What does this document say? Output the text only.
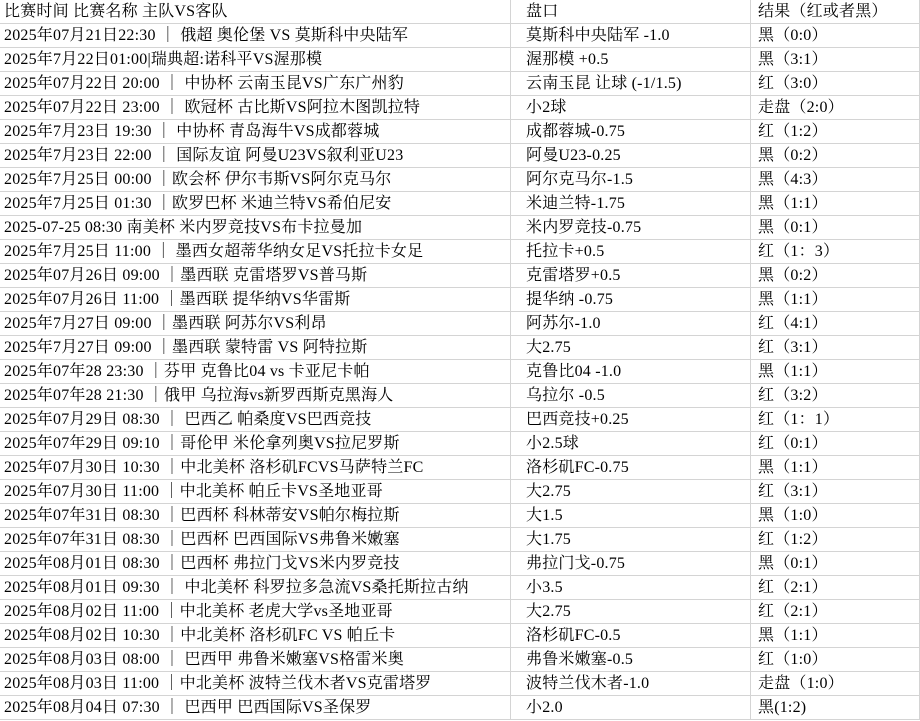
比赛时间 比赛名称 主队VS客队	盘口	结果（红或者黑）
2025年07月21日22:30 ｜ 俄超 奥伦堡 VS 莫斯科中央陆军	莫斯科中央陆军 -1.0	黑（0:0）
2025年7月22日01:00|瑞典超:诺科平VS渥那模	渥那模 +0.5	黑（3:1）
2025年07月22日 20:00 ｜ 中协杯 云南玉昆VS广东广州豹	云南玉昆 让球 (-1/1.5)	红（3:0）
2025年07月22日 23:00 ｜ 欧冠杯 古比斯VS阿拉木图凯拉特	小2球	走盘（2:0）
2025年7月23日 19:30 ｜ 中协杯 青岛海牛VS成都蓉城	成都蓉城-0.75	红（1:2）
2025年7月23日 22:00 ｜ 国际友谊 阿曼U23VS叙利亚U23	阿曼U23-0.25	黑（0:2）
2025年7月25日 00:00 ｜欧会杯 伊尔韦斯VS阿尔克马尔	阿尔克马尔-1.5	黑（4:3）
2025年7月25日 01:30 ｜欧罗巴杯 米迪兰特VS希伯尼安	米迪兰特-1.75	黑（1:1）
2025-07-25 08:30 南美杯 米内罗竞技VS布卡拉曼加	米内罗竞技-0.75	黑（0:1）
2025年7月25日 11:00 ｜ 墨西女超蒂华纳女足VS托拉卡女足	托拉卡+0.5	红（1：3）
2025年07月26日 09:00 ｜墨西联 克雷塔罗VS普马斯	克雷塔罗+0.5	黑（0:2）
2025年07月26日 11:00 ｜墨西联 提华纳VS华雷斯	提华纳 -0.75	黑（1:1）
2025年7月27日 09:00 ｜墨西联 阿苏尔VS利昂	阿苏尔-1.0	红（4:1）
2025年7月27日 09:00 ｜墨西联 蒙特雷 VS 阿特拉斯	大2.75	红（3:1）
2025年07年28 23:30 ｜芬甲 克鲁比04 vs 卡亚尼卡帕	克鲁比04 -1.0	黑（1:1）
2025年07年28 21:30 ｜俄甲 乌拉海vs新罗西斯克黑海人	乌拉尔 -0.5	红（3:2）
2025年07月29日 08:30 ｜ 巴西乙 帕桑度VS巴西竞技	巴西竞技+0.25	红（1：1）
2025年07年29日 09:10 ｜哥伦甲 米伦拿列奥VS拉尼罗斯	小2.5球	红（0:1）
2025年07月30日 10:30 ｜中北美杯 洛杉矶FCVS马萨特兰FC	洛杉矶FC-0.75	黑（1:1）
2025年07月30日 11:00 ｜中北美杯 帕丘卡VS圣地亚哥	大2.75	红（3:1）
2025年07年31日 08:30 ｜巴西杯 科林蒂安VS帕尔梅拉斯	大1.5	黑（1:0）
2025年07年31日 08:30 ｜巴西杯 巴西国际VS弗鲁米嫩塞	大1.75	红（1:2）
2025年08月01日 08:30 ｜巴西杯 弗拉门戈VS米内罗竞技	弗拉门戈-0.75	黑（0:1）
2025年08月01日 09:30 ｜ 中北美杯 科罗拉多急流VS桑托斯拉古纳	小3.5	红（2:1）
2025年08月02日 11:00 ｜中北美杯 老虎大学vs圣地亚哥	大2.75	红（2:1）
2025年08月02日 10:30 ｜中北美杯 洛杉矶FC VS 帕丘卡	洛杉矶FC-0.5	黑（1:1）
2025年08月03日 08:00 ｜ 巴西甲 弗鲁米嫩塞VS格雷米奥	弗鲁米嫩塞-0.5	红（1:0）
2025年08月03日 11:00 ｜中北美杯 波特兰伐木者VS克雷塔罗	波特兰伐木者-1.0	走盘（1:0）
2025年08月04日 07:30 ｜ 巴西甲 巴西国际VS圣保罗	小2.0	黑(1:2)
